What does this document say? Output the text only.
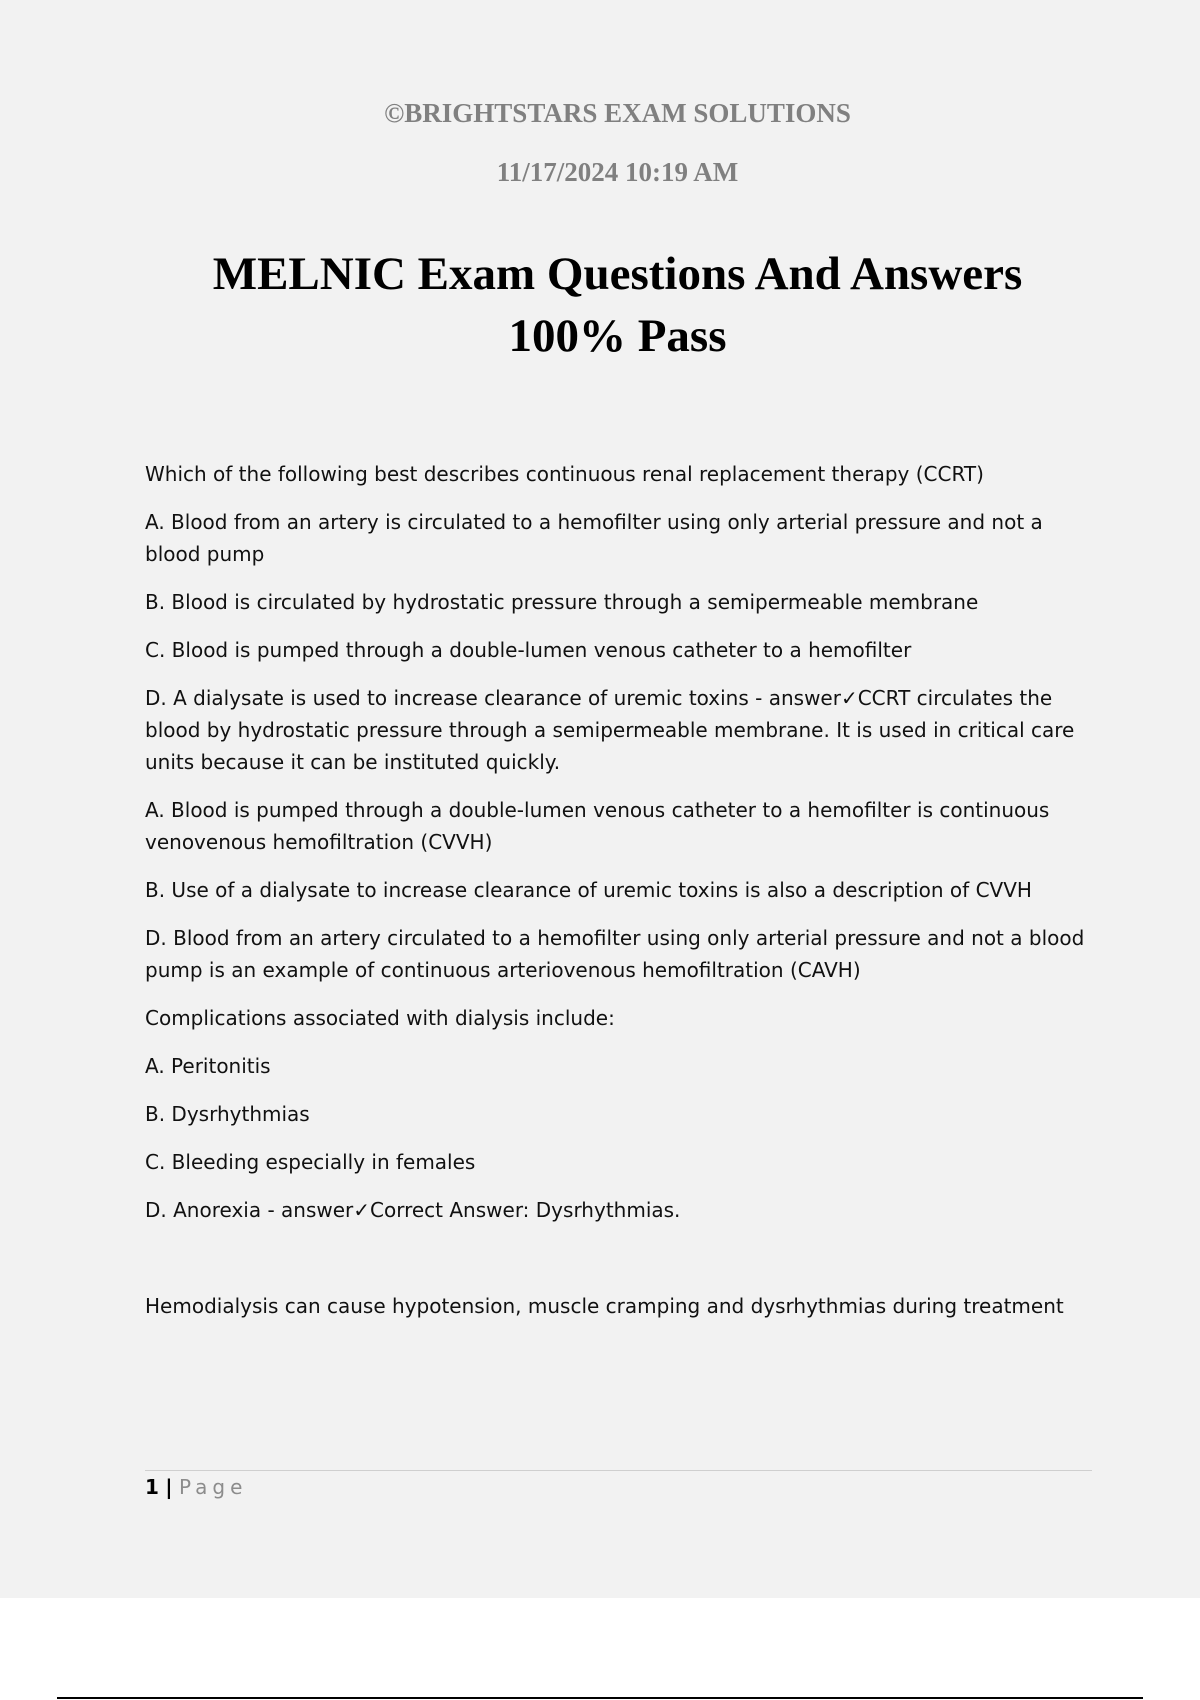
©BRIGHTSTARS EXAM SOLUTIONS
11/17/2024 10:19 AM
MELNIC Exam Questions And Answers
100% Pass

Which of the following best describes continuous renal replacement therapy (CCRT)

A. Blood from an artery is circulated to a hemofilter using only arterial pressure and not a blood pump

B. Blood is circulated by hydrostatic pressure through a semipermeable membrane

C. Blood is pumped through a double-lumen venous catheter to a hemofilter

D. A dialysate is used to increase clearance of uremic toxins - answer✓CCRT circulates the blood by hydrostatic pressure through a semipermeable membrane. It is used in critical care units because it can be instituted quickly.

A. Blood is pumped through a double-lumen venous catheter to a hemofilter is continuous venovenous hemofiltration (CVVH)

B. Use of a dialysate to increase clearance of uremic toxins is also a description of CVVH

D. Blood from an artery circulated to a hemofilter using only arterial pressure and not a blood pump is an example of continuous arteriovenous hemofiltration (CAVH)

Complications associated with dialysis include:

A. Peritonitis

B. Dysrhythmias

C. Bleeding especially in females

D. Anorexia - answer✓Correct Answer: Dysrhythmias.

Hemodialysis can cause hypotension, muscle cramping and dysrhythmias during treatment

1 | Page
